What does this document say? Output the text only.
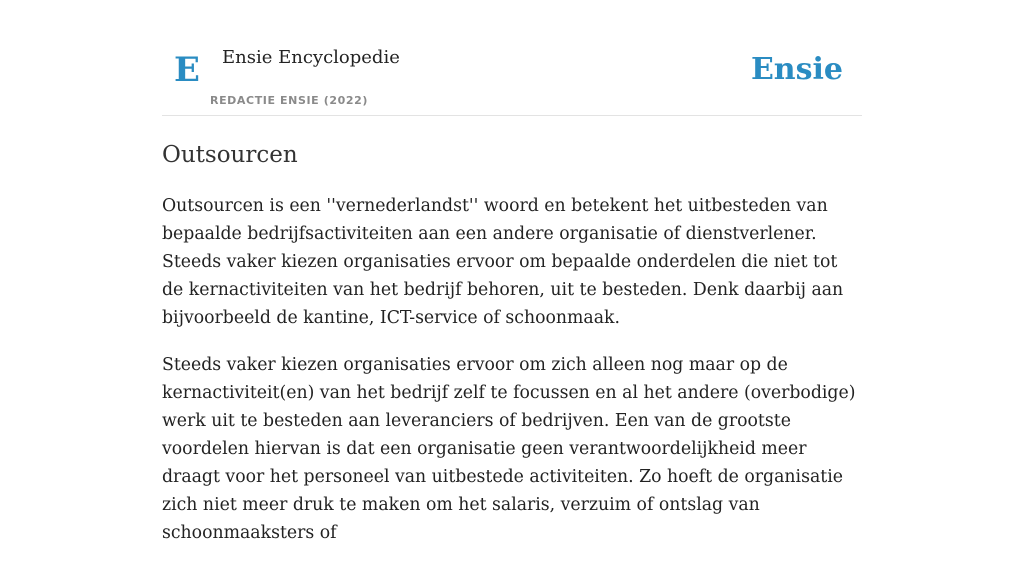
E Ensie Encyclopedie
REDACTIE ENSIE (2022)
Ensie
Outsourcen

Outsourcen is een ''vernederlandst'' woord en betekent het uitbesteden van bepaalde bedrijfsactiviteiten aan een andere organisatie of dienstverlener. Steeds vaker kiezen organisaties ervoor om bepaalde onderdelen die niet tot de kernactiviteiten van het bedrijf behoren, uit te besteden. Denk daarbij aan bijvoorbeeld de kantine, ICT-service of schoonmaak.

Steeds vaker kiezen organisaties ervoor om zich alleen nog maar op de kernactiviteit(en) van het bedrijf zelf te focussen en al het andere (overbodige) werk uit te besteden aan leveranciers of bedrijven. Een van de grootste voordelen hiervan is dat een organisatie geen verantwoordelijkheid meer draagt voor het personeel van uitbestede activiteiten. Zo hoeft de organisatie zich niet meer druk te maken om het salaris, verzuim of ontslag van schoonmaaksters of
